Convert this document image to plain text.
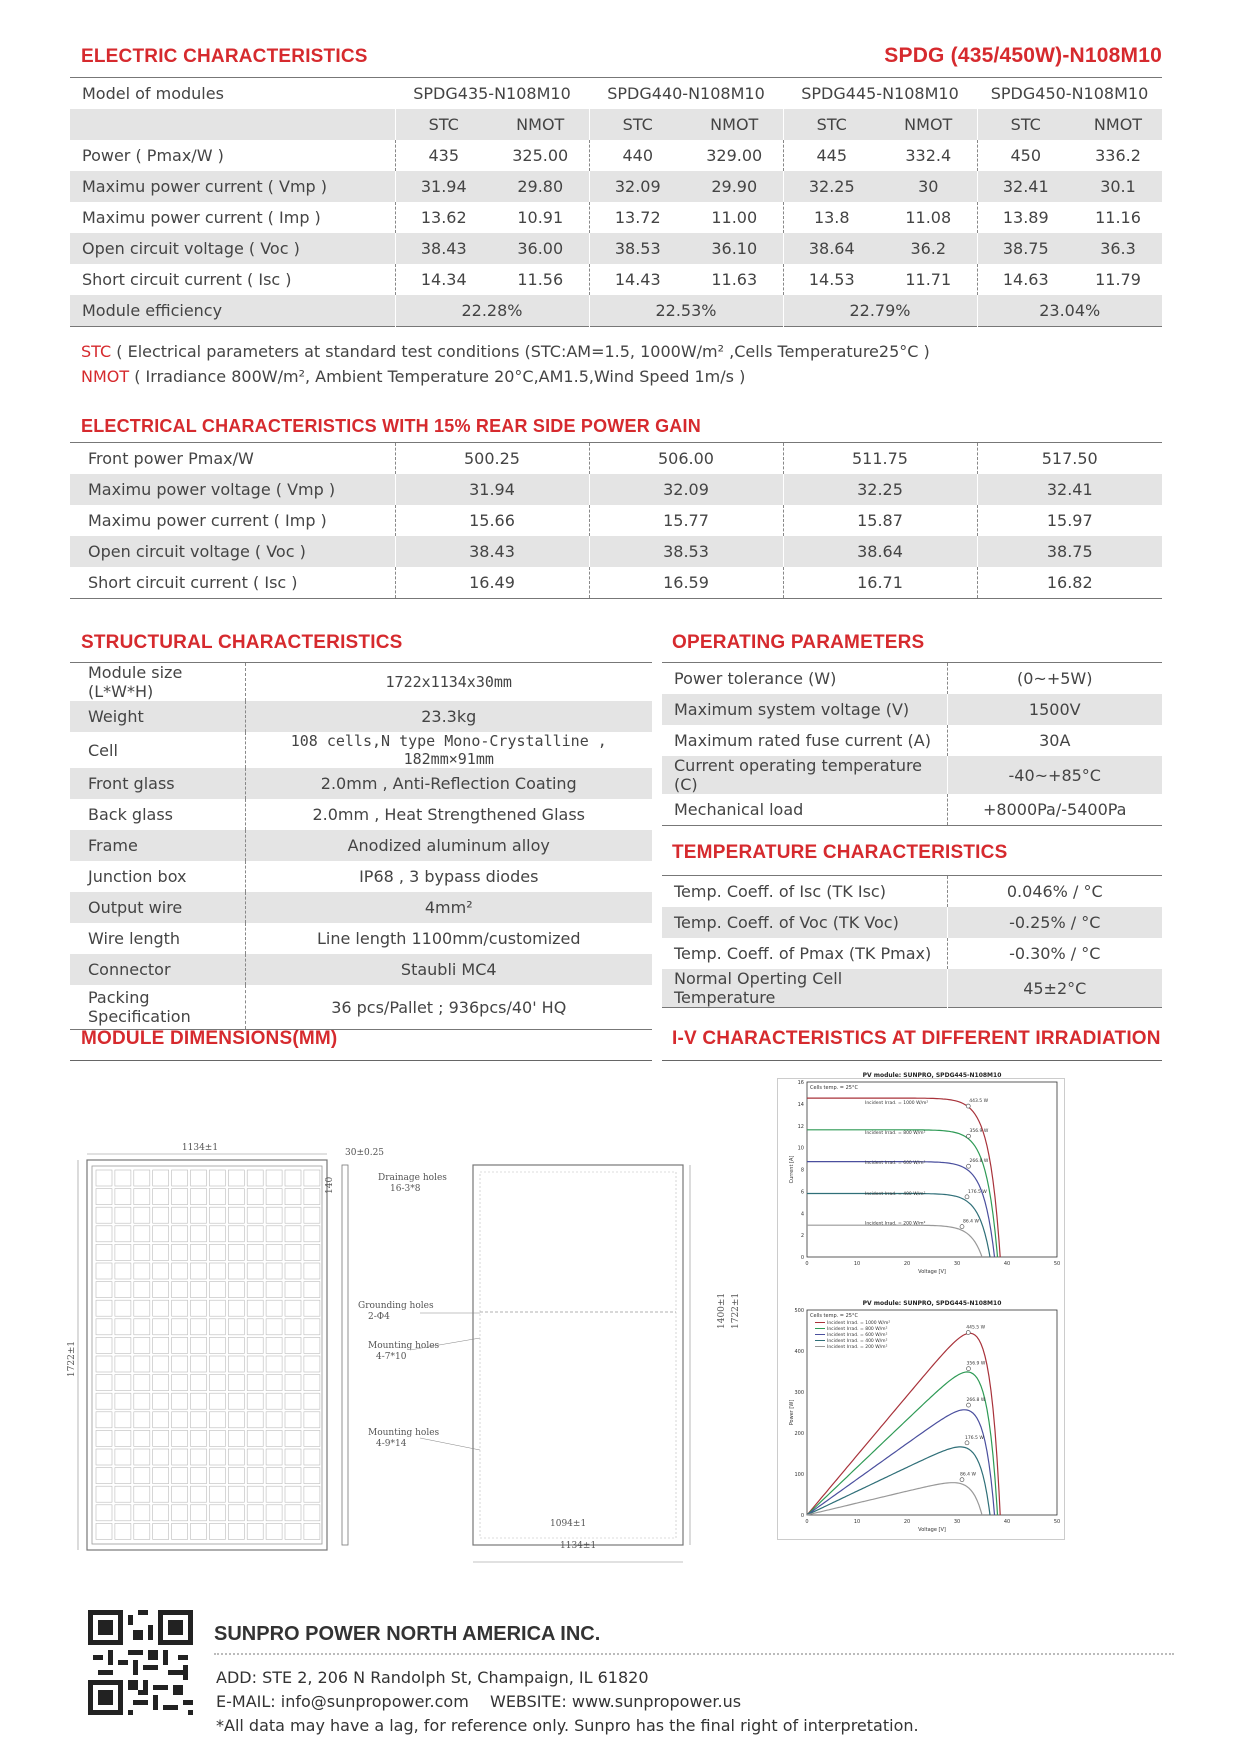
ELECTRIC CHARACTERISTICS	SPDG (435/450W)-N108M10
Model of modules	SPDG435-N108M10		SPDG440-N108M10		SPDG445-N108M10		SPDG450-N108M10	
	STC	NMOT	STC	NMOT	STC	NMOT	STC	NMOT
Power ( Pmax/W )	435	325.00	440	329.00	445	332.4	450	336.2
Maximu power current ( Vmp )	31.94	29.80	32.09	29.90	32.25	30	32.41	30.1
Maximu power current ( Imp )	13.62	10.91	13.72	11.00	13.8	11.08	13.89	11.16
Open circuit voltage ( Voc )	38.43	36.00	38.53	36.10	38.64	36.2	38.75	36.3
Short circuit current ( Isc )	14.34	11.56	14.43	11.63	14.53	11.71	14.63	11.79
Module efficiency	22.28%		22.53%		22.79%		23.04%	
STC ( Electrical parameters at standard test conditions (STC:AM=1.5, 1000W/m² ,Cells Temperature25°C )
NMOT ( Irradiance 800W/m², Ambient Temperature 20°C,AM1.5,Wind Speed 1m/s )
ELECTRICAL CHARACTERISTICS WITH 15% REAR SIDE POWER GAIN
Front power Pmax/W	500.25	506.00	511.75	517.50
Maximu power voltage ( Vmp )	31.94	32.09	32.25	32.41
Maximu power current ( Imp )	15.66	15.77	15.87	15.97
Open circuit voltage ( Voc )	38.43	38.53	38.64	38.75
Short circuit current ( Isc )	16.49	16.59	16.71	16.82
STRUCTURAL CHARACTERISTICS
Module size (L*W*H)	1722x1134x30mm
Weight	23.3kg
Cell	108 cells,N type Mono-Crystalline , 182mm×91mm
Front glass	2.0mm , Anti-Reflection Coating
Back glass	2.0mm , Heat Strengthened Glass
Frame	Anodized aluminum alloy
Junction box	IP68 , 3 bypass diodes
Output wire	4mm²
Wire length	Line length 1100mm/customized
Connector	Staubli MC4
Packing Specification	36 pcs/Pallet ; 936pcs/40' HQ
OPERATING PARAMETERS
Power tolerance (W)	(0~+5W)
Maximum system voltage (V)	1500V
Maximum rated fuse current (A)	30A
Current operating temperature (C)	-40~+85°C
Mechanical load	+8000Pa/-5400Pa
TEMPERATURE CHARACTERISTICS
Temp. Coeff. of Isc (TK Isc)	0.046% / °C
Temp. Coeff. of Voc (TK Voc)	-0.25% / °C
Temp. Coeff. of Pmax (TK Pmax)	-0.30% / °C
Normal Operting Cell Temperature	45±2°C
MODULE DIMENSIONS(MM)
1134±1
1722±1
30±0.25
140	Drainage holes
16-3*8
Grounding holes
2-Φ4
Mounting holes
4-7*10
Mounting holes
4-9*14
1094±1
1134±1
1400±1 1722±1
I-V CHARACTERISTICS AT DIFFERENT IRRADIATION
PV module: SUNPRO, SPDG445-N108M10
0	10	20	30	40	50
0
2
4
6
8
10
12
14
16
Voltage [V]
Current [A]
Cells temp. = 25°C
443.5 W
Incident Irrad. = 1000 W/m²
356.9 W
Incident Irrad. = 800 W/m²
266.8 W
Incident Irrad. = 600 W/m²
176.5 W
Incident Irrad. = 400 W/m²
86.4 W
Incident Irrad. = 200 W/m²
PV module: SUNPRO, SPDG445-N108M10
0	10	20	30	40	50
0
100
200
300
400
500
Voltage [V]
Power [W]
Cells temp. = 25°C
445.5 W
Incident Irrad. = 1000 W/m²
356.9 W
Incident Irrad. = 800 W/m²
266.8 W
Incident Irrad. = 600 W/m²
176.5 W
Incident Irrad. = 400 W/m²
86.4 W
Incident Irrad. = 200 W/m²
SUNPRO POWER NORTH AMERICA INC.
ADD: STE 2, 206 N Randolph St, Champaign, IL 61820
E-MAIL: info@sunpropower.com WEBSITE: www.sunpropower.us
*All data may have a lag, for reference only. Sunpro has the final right of interpretation.
